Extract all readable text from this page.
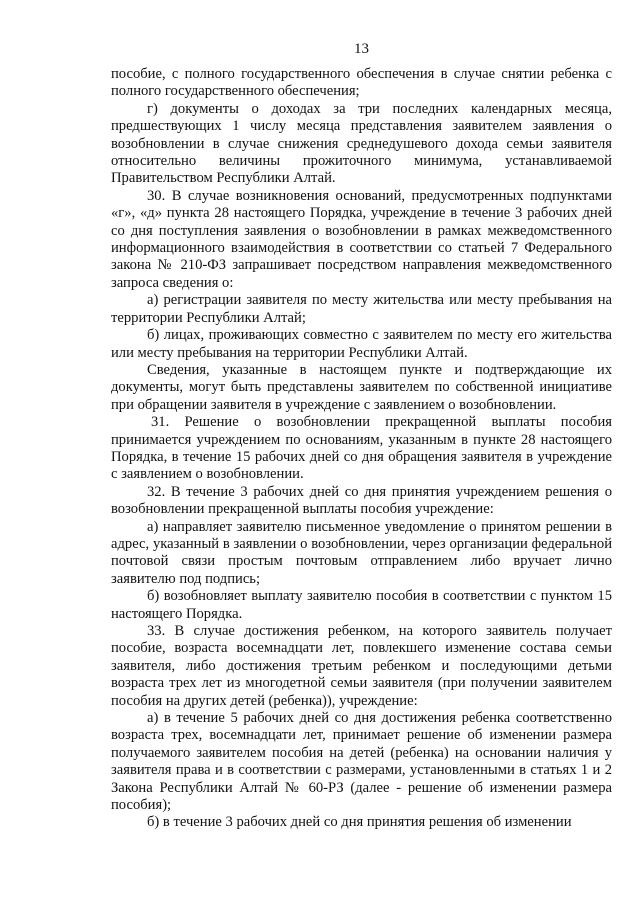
13

пособие, с полного государственного обеспечения в случае снятии ребенка с полного государственного обеспечения;

г) документы о доходах за три последних календарных месяца, предшествующих 1 числу месяца представления заявителем заявления о возобновлении в случае снижения среднедушевого дохода семьи заявителя относительно величины прожиточного минимума, устанавливаемой Правительством Республики Алтай.

30. В случае возникновения оснований, предусмотренных подпунктами «г», «д» пункта 28 настоящего Порядка, учреждение в течение 3 рабочих дней со дня поступления заявления о возобновлении в рамках межведомственного информационного взаимодействия в соответствии со статьей 7 Федерального закона № 210-ФЗ запрашивает посредством направления межведомственного запроса сведения о:

а) регистрации заявителя по месту жительства или месту пребывания на территории Республики Алтай;

б) лицах, проживающих совместно с заявителем по месту его жительства или месту пребывания на территории Республики Алтай.

Сведения, указанные в настоящем пункте и подтверждающие их документы, могут быть представлены заявителем по собственной инициативе при обращении заявителя в учреждение с заявлением о возобновлении.

31. Решение о возобновлении прекращенной выплаты пособия принимается учреждением по основаниям, указанным в пункте 28 настоящего Порядка, в течение 15 рабочих дней со дня обращения заявителя в учреждение с заявлением о возобновлении.

32. В течение 3 рабочих дней со дня принятия учреждением решения о возобновлении прекращенной выплаты пособия учреждение:

а) направляет заявителю письменное уведомление о принятом решении в адрес, указанный в заявлении о возобновлении, через организации федеральной почтовой связи простым почтовым отправлением либо вручает лично заявителю под подпись;

б) возобновляет выплату заявителю пособия в соответствии с пунктом 15 настоящего Порядка.

33. В случае достижения ребенком, на которого заявитель получает пособие, возраста восемнадцати лет, повлекшего изменение состава семьи заявителя, либо достижения третьим ребенком и последующими детьми возраста трех лет из многодетной семьи заявителя (при получении заявителем пособия на других детей (ребенка)), учреждение:

а) в течение 5 рабочих дней со дня достижения ребенка соответственно возраста трех, восемнадцати лет, принимает решение об изменении размера получаемого заявителем пособия на детей (ребенка) на основании наличия у заявителя права и в соответствии с размерами, установленными в статьях 1 и 2 Закона Республики Алтай № 60-РЗ (далее - решение об изменении размера пособия);

б) в течение 3 рабочих дней со дня принятия решения об изменении
